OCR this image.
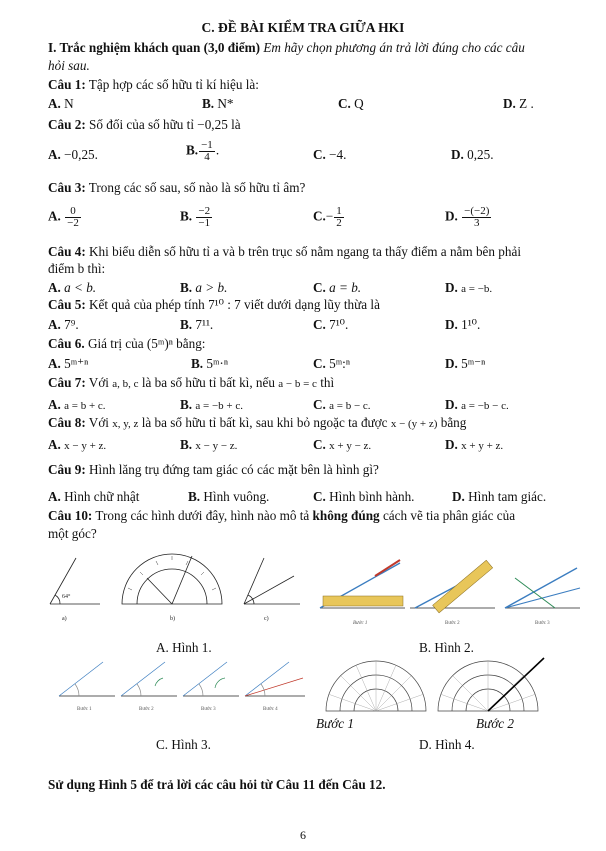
C. ĐỀ BÀI KIỂM TRA GIỮA HKI
I. Trắc nghiệm khách quan (3,0 điểm) Em hãy chọn phương án trả lời đúng cho các câu
hỏi sau.
Câu 1: Tập hợp các số hữu tỉ kí hiệu là:
A. N	B. N*	C. Q	D. Z .
Câu 2: Số đối của số hữu tỉ −0,25 là
A. −0,25.	B. $\frac{-1}{4}$ .	C. −4.	D. 0,25.
Câu 3: Trong các số sau, số nào là số hữu tỉ âm?
A. $\frac{0}{-2}$	B. $\frac{-2}{-1}$	$C.- \frac{1}{2}$	D. $\frac{-(-2)}{3}$
Câu 4: Khi biểu diễn số hữu tỉ a và b trên trục số nằm ngang ta thấy điểm a nằm bên phải
điểm b thì:
A. a < b.	B. a > b.	C. a = b.	D. a = −b.
Câu 5: Kết quả của phép tính 7¹⁰ : 7 viết dưới dạng lũy thừa là
A. 7⁹.	B. 7¹¹.	C. 7¹⁰.	D. 1¹⁰.
Câu 6. Giá trị của (5ᵐ)ⁿ bằng:
A. 5ᵐ⁺ⁿ	B. 5ᵐ·ⁿ	C. 5ᵐ:ⁿ	D. 5ᵐ⁻ⁿ
Câu 7: Với a, b, c là ba số hữu tỉ bất kì, nếu a − b = c thì
A. a = b + c.	B. a = −b + c.	C. a = b − c.	D. a = −b − c.
Câu 8: Với x, y, z là ba số hữu tỉ bất kì, sau khi bỏ ngoặc ta được x − (y + z) bằng
A. x − y + z.	B. x − y − z.	C. x + y − z.	D. x + y + z.
Câu 9: Hình lăng trụ đứng tam giác có các mặt bên là hình gì?
A. Hình chữ nhật	B. Hình vuông.	C. Hình bình hành.	D. Hình tam giác.
Câu 10: Trong các hình dưới đây, hình nào mô tả không đúng cách vẽ tia phân giác của
một góc?
64°
a)	b)	c)
Bước 1	Bước 2	Bước 3
A. Hình 1.	B. Hình 2.
Bước 1	Bước 2	Bước 3	Bước 4
Bước 1	Bước 2
C. Hình 3.	D. Hình 4.
Sử dụng Hình 5 để trả lời các câu hỏi từ Câu 11 đến Câu 12.
6
